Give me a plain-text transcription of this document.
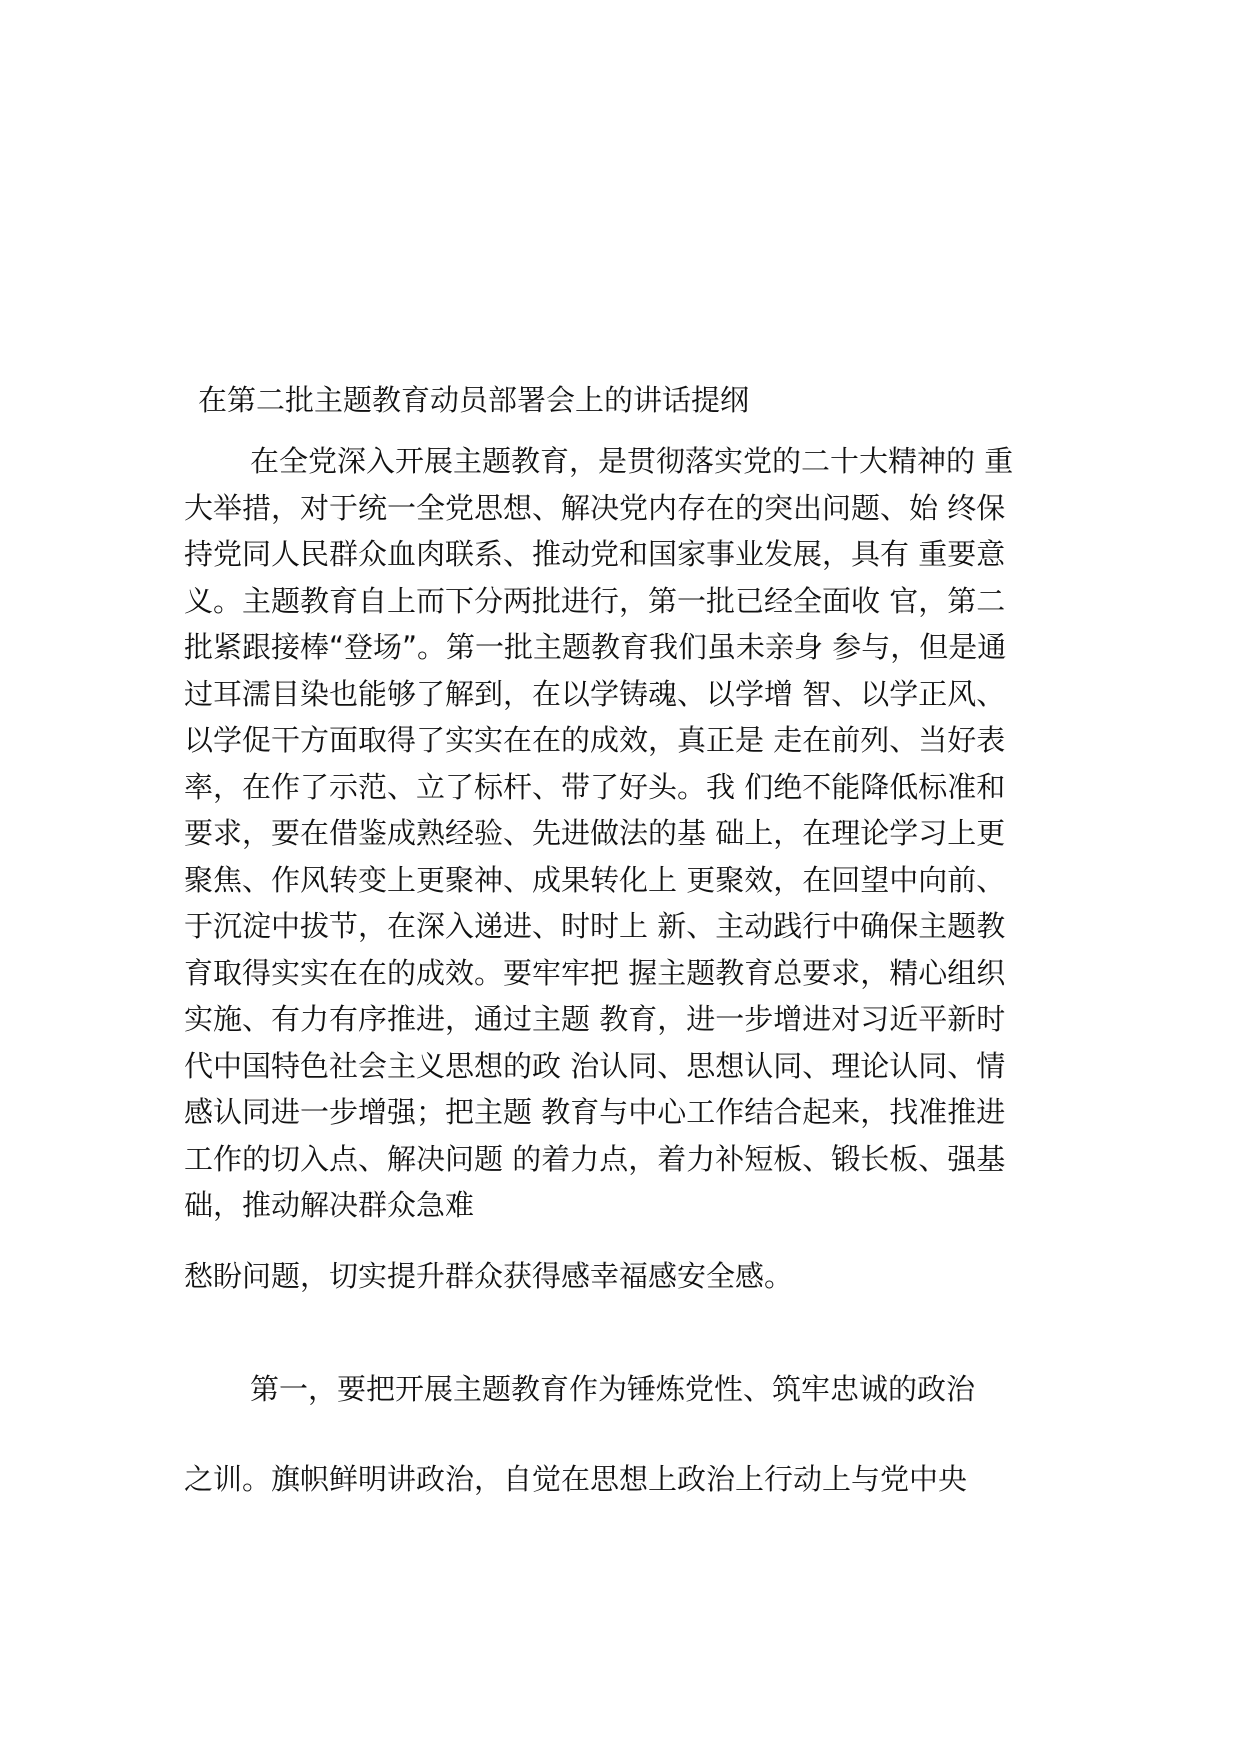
在第二批主题教育动员部署会上的讲话提纲
在全党深入开展主题教育，是贯彻落实党的二十大精神的 重
大举措，对于统一全党思想、解决党内存在的突出问题、始 终保
持党同人民群众血肉联系、推动党和国家事业发展，具有 重要意
义。主题教育自上而下分两批进行，第一批已经全面收 官，第二
批紧跟接棒“登场”。第一批主题教育我们虽未亲身 参与，但是通
过耳濡目染也能够了解到，在以学铸魂、以学增 智、以学正风、
以学促干方面取得了实实在在的成效，真正是 走在前列、当好表
率，在作了示范、立了标杆、带了好头。我 们绝不能降低标准和
要求，要在借鉴成熟经验、先进做法的基 础上，在理论学习上更
聚焦、作风转变上更聚神、成果转化上 更聚效，在回望中向前、
于沉淀中拔节，在深入递进、时时上 新、主动践行中确保主题教
育取得实实在在的成效。要牢牢把 握主题教育总要求，精心组织
实施、有力有序推进，通过主题 教育，进一步增进对习近平新时
代中国特色社会主义思想的政 治认同、思想认同、理论认同、情
感认同进一步增强；把主题 教育与中心工作结合起来，找准推进
工作的切入点、解决问题 的着力点，着力补短板、锻长板、强基
础，推动解决群众急难

愁盼问题，切实提升群众获得感幸福感安全感。

第一，要把开展主题教育作为锤炼党性、筑牢忠诚的政治

之训。旗帜鲜明讲政治，自觉在思想上政治上行动上与党中央
